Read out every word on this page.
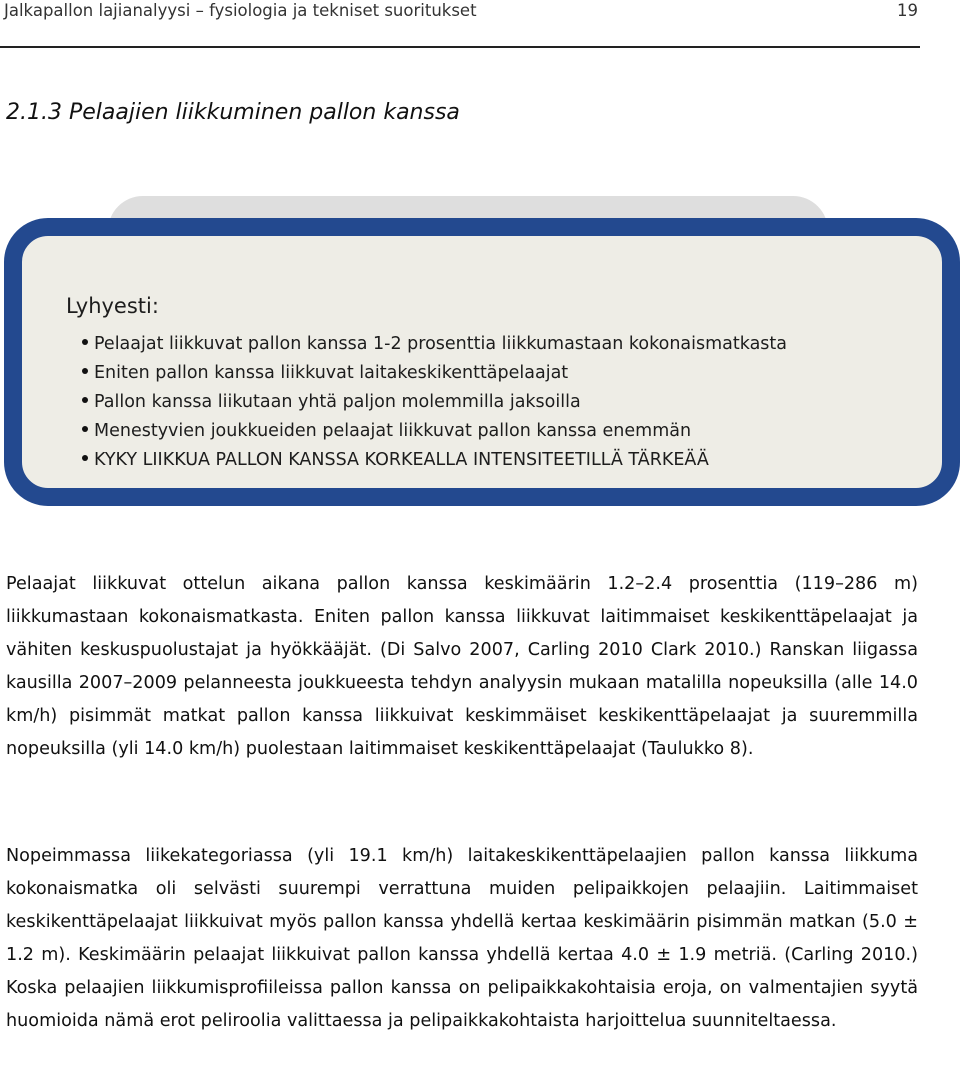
Jalkapallon lajianalyysi – fysiologia ja tekniset suoritukset	19
2.1.3 Pelaajien liikkuminen pallon kanssa
Lyhyesti:
Pelaajat liikkuvat pallon kanssa 1-2 prosenttia liikkumastaan kokonaismatkasta
Eniten pallon kanssa liikkuvat laitakeskikenttäpelaajat
Pallon kanssa liikutaan yhtä paljon molemmilla jaksoilla
Menestyvien joukkueiden pelaajat liikkuvat pallon kanssa enemmän
KYKY LIIKKUA PALLON KANSSA KORKEALLA INTENSITEETILLÄ TÄRKEÄÄ

Pelaajat liikkuvat ottelun aikana pallon kanssa keskimäärin 1.2–2.4 prosenttia (119–286 m) liikkumastaan kokonaismatkasta. Eniten pallon kanssa liikkuvat laitimmaiset keskikenttäpelaajat ja vähiten keskuspuolustajat ja hyökkääjät. (Di Salvo 2007, Carling 2010 Clark 2010.) Ranskan liigassa kausilla 2007–2009 pelanneesta joukkueesta tehdyn analyysin mukaan matalilla nopeuksilla (alle 14.0 km/h) pisimmät matkat pallon kanssa liikkuivat keskimmäiset keskikenttäpelaajat ja suuremmilla nopeuksilla (yli 14.0 km/h) puolestaan laitimmaiset keskikenttäpelaajat (Taulukko 8).

Nopeimmassa liikekategoriassa (yli 19.1 km/h) laitakeskikenttäpelaajien pallon kanssa liikkuma kokonaismatka oli selvästi suurempi verrattuna muiden pelipaikkojen pelaajiin. Laitimmaiset keskikenttäpelaajat liikkuivat myös pallon kanssa yhdellä kertaa keskimäärin pisimmän matkan (5.0 ± 1.2 m). Keskimäärin pelaajat liikkuivat pallon kanssa yhdellä kertaa 4.0 ± 1.9 metriä. (Carling 2010.) Koska pelaajien liikkumisprofiileissa pallon kanssa on pelipaikkakohtaisia eroja, on valmentajien syytä huomioida nämä erot peliroolia valittaessa ja pelipaikkakohtaista harjoittelua suunniteltaessa.
